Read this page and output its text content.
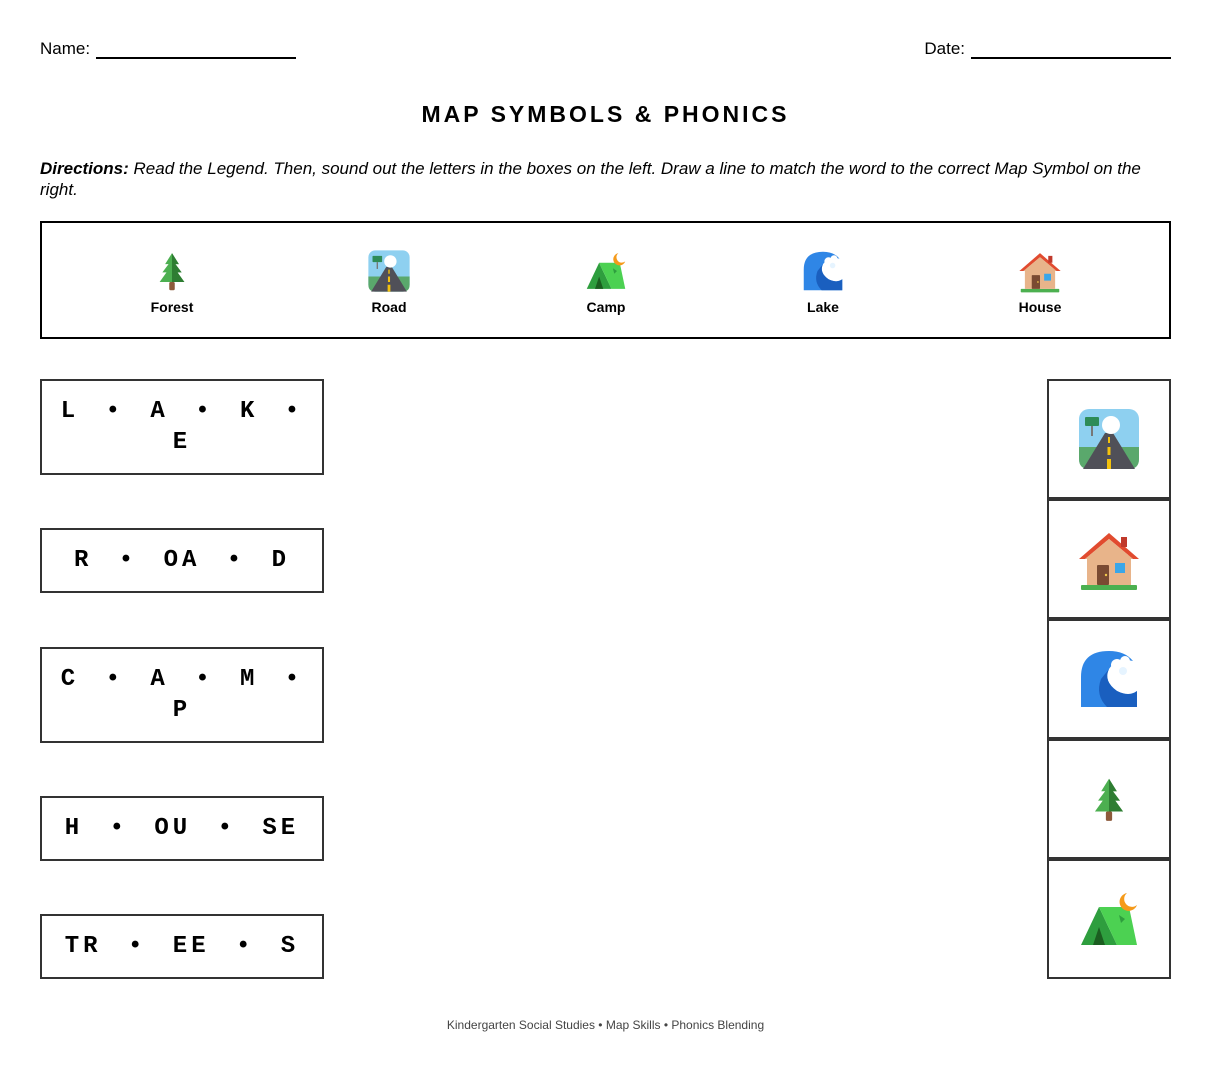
Name:	Date:
MAP SYMBOLS & PHONICS
Directions: Read the Legend. Then, sound out the letters in the boxes on the left. Draw a line to match the word to the correct Map Symbol on the right.
Forest	Road	Camp	Lake	House
L • A • K • E
R • OA • D
C • A • M • P
H • OU • SE
TR • EE • S
Kindergarten Social Studies • Map Skills • Phonics Blending
